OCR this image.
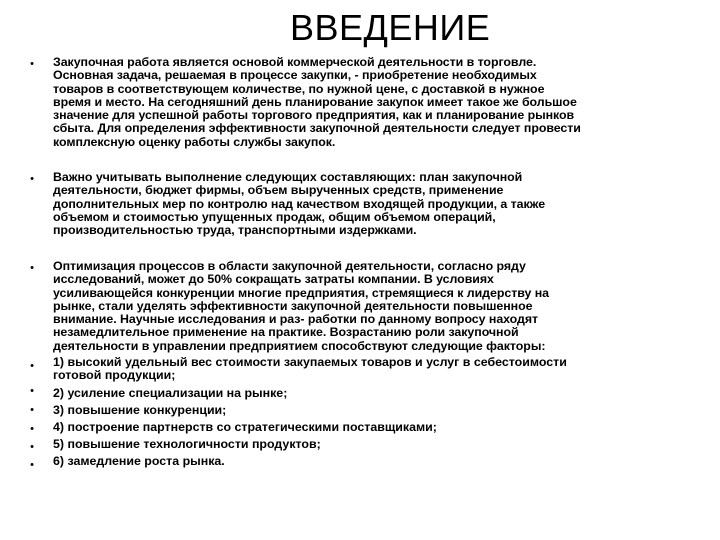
ВВЕДЕНИЕ
• Закупочная работа является основой коммерческой деятельности в торговле.
Основная задача, решаемая в процессе закупки, - приобретение необходимых
товаров в соответствующем количестве, по нужной цене, с доставкой в нужное
время и место. На сегодняшний день планирование закупок имеет такое же большое
значение для успешной работы торгового предприятия, как и планирование рынков
сбыта. Для определения эффективности закупочной деятельности следует провести
комплексную оценку работы службы закупок.
• Важно учитывать выполнение следующих составляющих: план закупочной
деятельности, бюджет фирмы, объем вырученных средств, применение
дополнительных мер по контролю над качеством входящей продукции, а также
объемом и стоимостью упущенных продаж, общим объемом операций,
производительностью труда, транспортными издержками.
• Оптимизация процессов в области закупочной деятельности, согласно ряду
исследований, может до 50% сокращать затраты компании. В условиях
усиливающейся конкуренции многие предприятия, стремящиеся к лидерству на
рынке, стали уделять эффективности закупочной деятельности повышенное
внимание. Научные исследования и раз- работки по данному вопросу находят
незамедлительное применение на практике. Возрастанию роли закупочной
деятельности в управлении предприятием способствуют следующие факторы:
• 1) высокий удельный вес стоимости закупаемых товаров и услуг в себестоимости
готовой продукции;
• 2) усиление специализации на рынке;
• 3) повышение конкуренции;
• 4) построение партнерств со стратегическими поставщиками;
• 5) повышение технологичности продуктов;
• 6) замедление роста рынка.
